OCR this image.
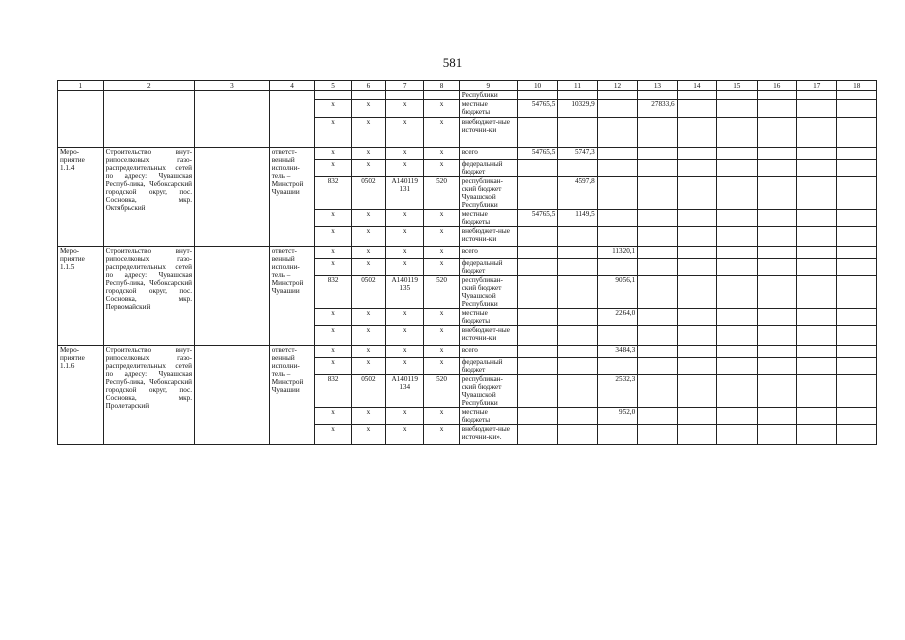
581
1	2	3	4	5	6	7	8	9	10	11	12	13	14	15	16	17	18
								Республики									
				x	x	x	x	местные бюджеты	54765,5	10329,9		27833,6					
				x	x	x	x	внебюджет-ные источни-ки									
Меро-приятие 1.1.4	Строительство внут-рипоселковых газо-распределительных сетей по адресу: Чувашская Респуб-лика, Чебоксарский городской округ, пос. Сосновка, мкр. Октябрьский		ответст-венный исполни-тель – Минстрой Чувашии	x	x	x	x	всего	54765,5	5747,3							
				x	x	x	x	федеральный бюджет									
				832	0502	А140119 131	520	республикан-ский бюджет Чувашской Республики		4597,8							
				x	x	x	x	местные бюджеты	54765,5	1149,5							
				x	x	x	x	внебюджет-ные источни-ки									
Меро-приятие 1.1.5	Строительство внут-рипоселковых газо-распределительных сетей по адресу: Чувашская Респуб-лика, Чебоксарский городской округ, пос. Сосновка, мкр. Первомайский		ответст-венный исполни-тель – Минстрой Чувашии	x	x	x	x	всего			11320,1						
				x	x	x	x	федеральный бюджет									
				832	0502	А140119 135	520	республикан-ский бюджет Чувашской Республики			9056,1						
				x	x	x	x	местные бюджеты			2264,0						
				x	x	x	x	внебюджет-ные источни-ки									
Меро-приятие 1.1.6	Строительство внут-рипоселковых газо-распределительных сетей по адресу: Чувашская Респуб-лика, Чебоксарский городской округ, пос. Сосновка, мкр. Пролетарский		ответст-венный исполни-тель – Минстрой Чувашии	x	x	x	x	всего			3484,3						
				x	x	x	x	федеральный бюджет									
				832	0502	А140119 134	520	республикан-ский бюджет Чувашской Республики			2532,3						
				x	x	x	x	местные бюджеты			952,0						
				x	x	x	x	внебюджет-ные источни-ки».									
